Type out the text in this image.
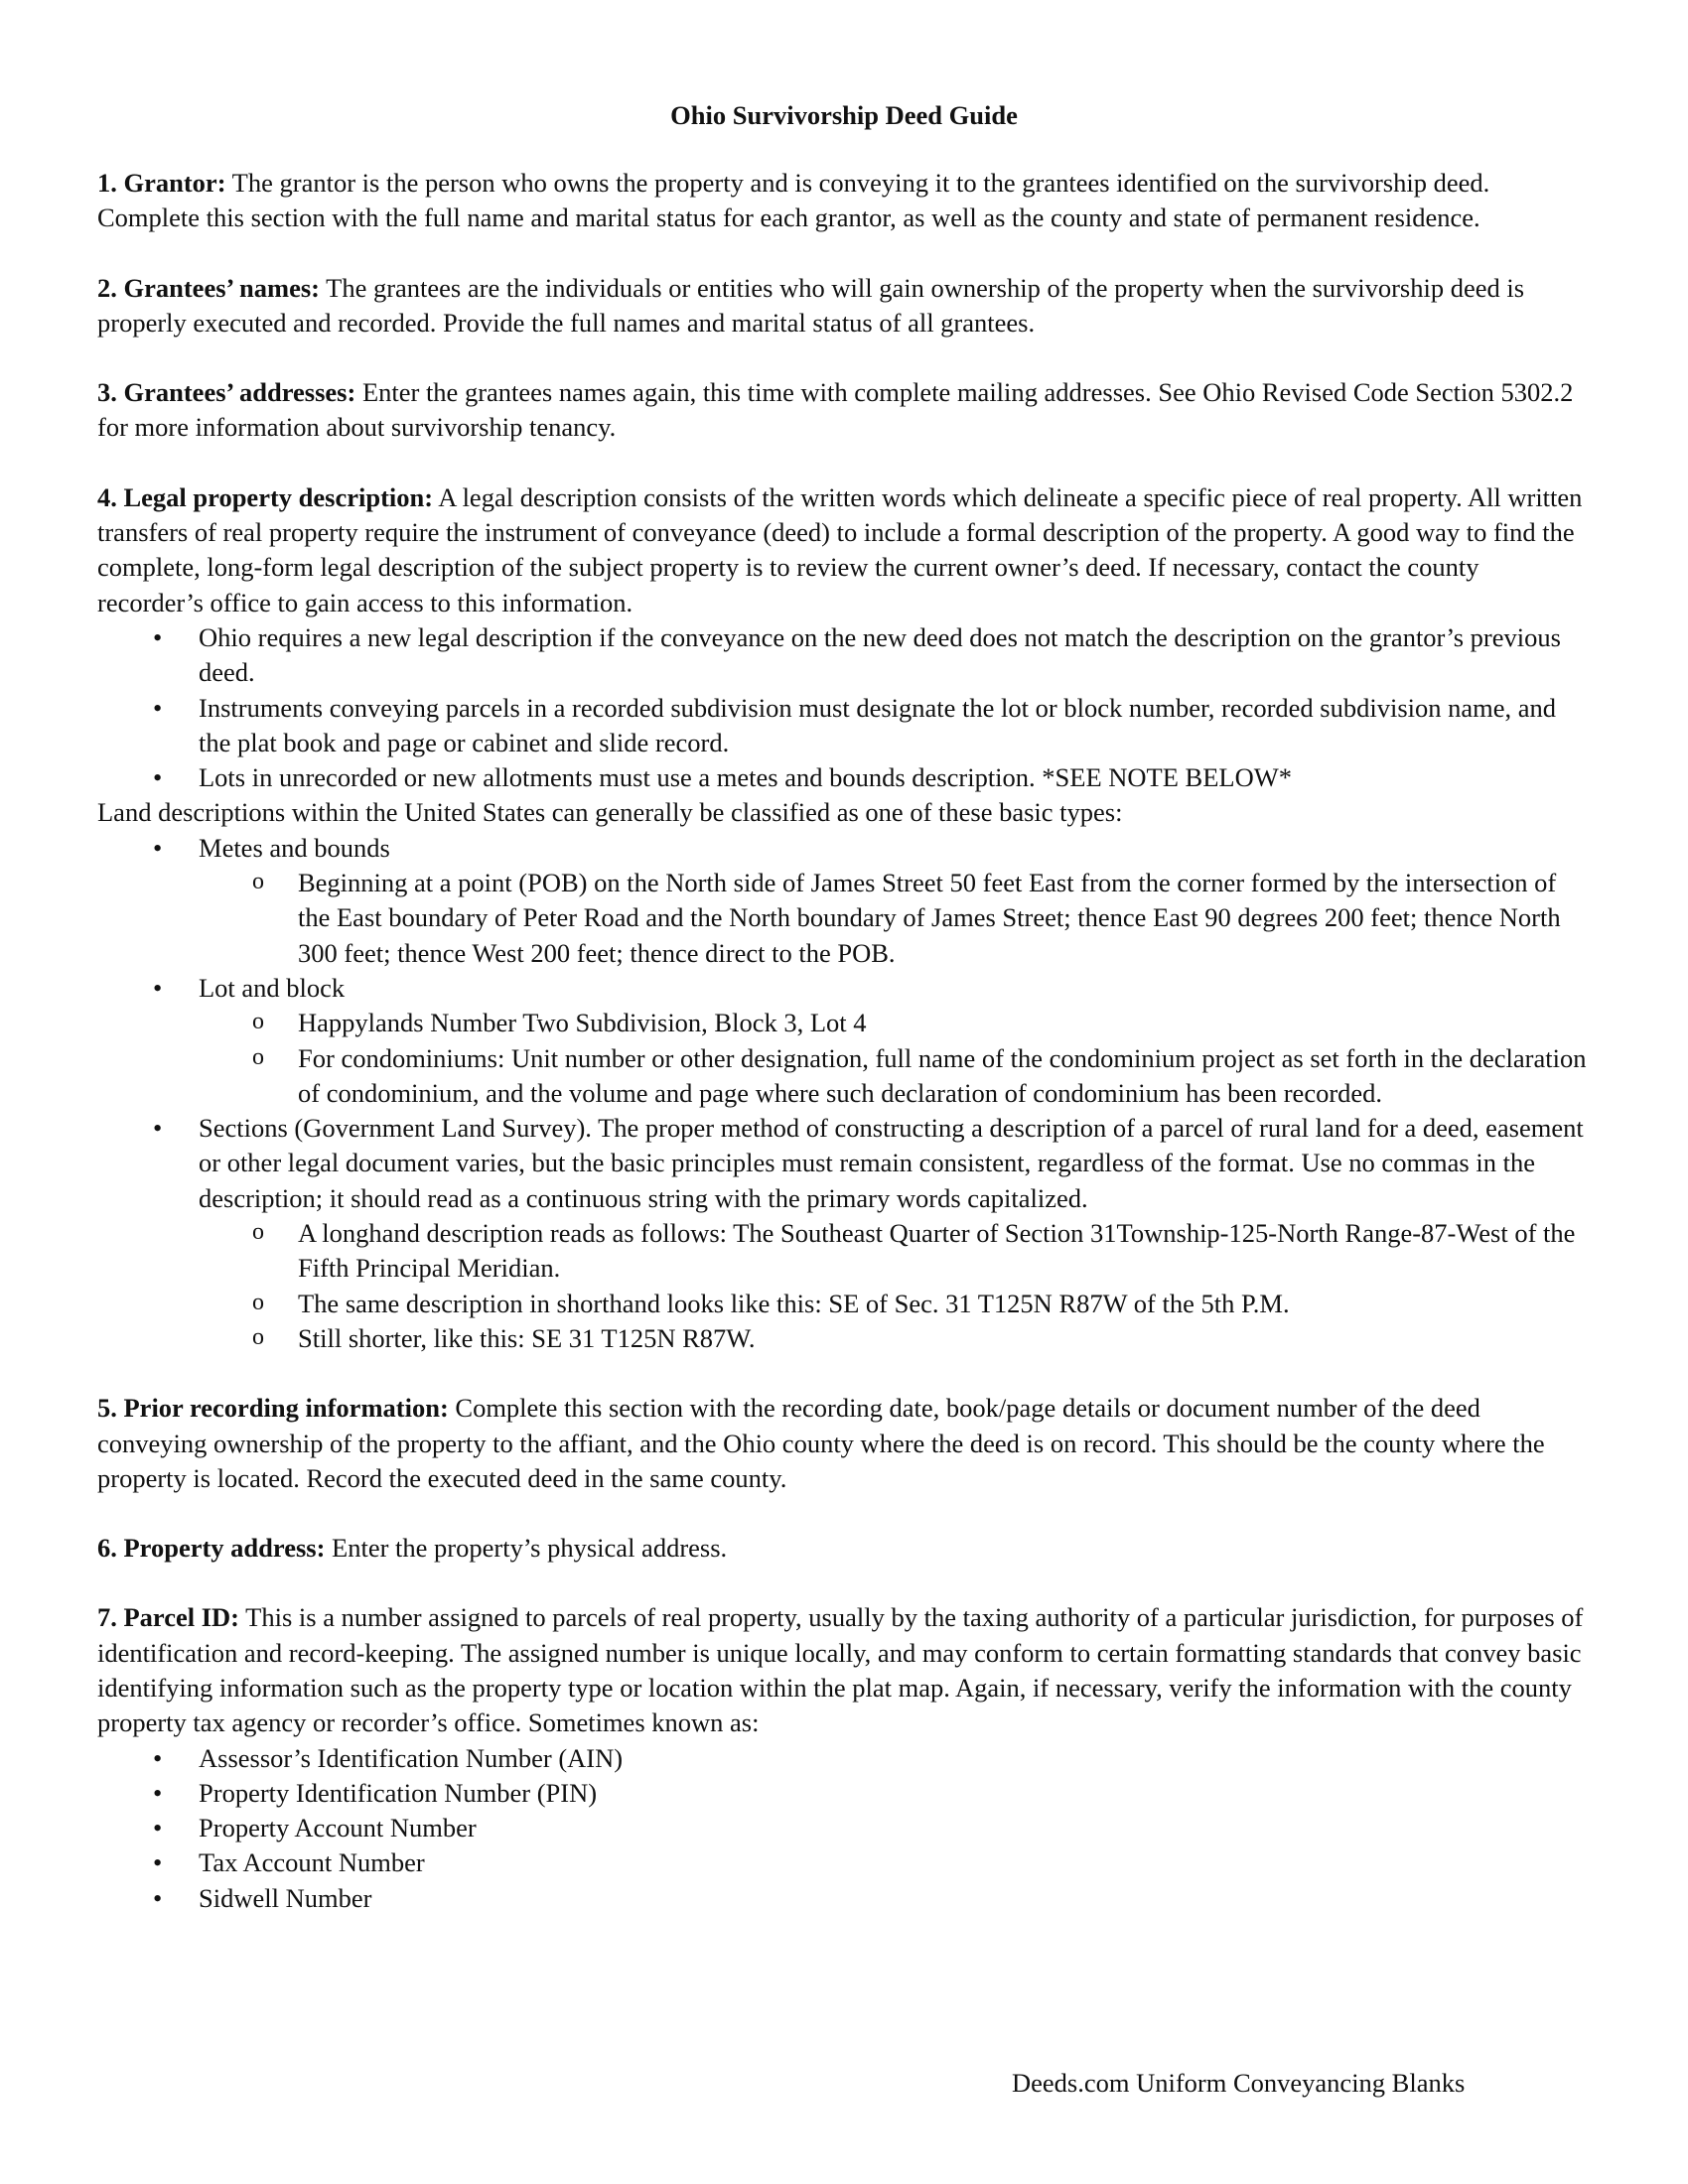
Ohio Survivorship Deed Guide

1. Grantor: The grantor is the person who owns the property and is conveying it to the grantees identified on the survivorship deed. Complete this section with the full name and marital status for each grantor, as well as the county and state of permanent residence.

2. Grantees’ names: The grantees are the individuals or entities who will gain ownership of the property when the survivorship deed is properly executed and recorded. Provide the full names and marital status of all grantees.

3. Grantees’ addresses: Enter the grantees names again, this time with complete mailing addresses. See Ohio Revised Code Section 5302.2 for more information about survivorship tenancy.

4. Legal property description: A legal description consists of the written words which delineate a specific piece of real property. All written transfers of real property require the instrument of conveyance (deed) to include a formal description of the property. A good way to find the complete, long-form legal description of the subject property is to review the current owner’s deed. If necessary, contact the county recorder’s office to gain access to this information.

• Ohio requires a new legal description if the conveyance on the new deed does not match the description on the grantor’s previous deed.
• Instruments conveying parcels in a recorded subdivision must designate the lot or block number, recorded subdivision name, and the plat book and page or cabinet and slide record.
• Lots in unrecorded or new allotments must use a metes and bounds description. *SEE NOTE BELOW*

Land descriptions within the United States can generally be classified as one of these basic types:

• Metes and bounds
o Beginning at a point (POB) on the North side of James Street 50 feet East from the corner formed by the intersection of the East boundary of Peter Road and the North boundary of James Street; thence East 90 degrees 200 feet; thence North 300 feet; thence West 200 feet; thence direct to the POB.
• Lot and block
o Happylands Number Two Subdivision, Block 3, Lot 4
o For condominiums: Unit number or other designation, full name of the condominium project as set forth in the declaration of condominium, and the volume and page where such declaration of condominium has been recorded.
• Sections (Government Land Survey). The proper method of constructing a description of a parcel of rural land for a deed, easement or other legal document varies, but the basic principles must remain consistent, regardless of the format. Use no commas in the description; it should read as a continuous string with the primary words capitalized.
o A longhand description reads as follows: The Southeast Quarter of Section 31Township-125-North Range-87-West of the Fifth Principal Meridian.
o The same description in shorthand looks like this: SE of Sec. 31 T125N R87W of the 5th P.M.
o Still shorter, like this: SE 31 T125N R87W.

5. Prior recording information: Complete this section with the recording date, book/page details or document number of the deed conveying ownership of the property to the affiant, and the Ohio county where the deed is on record. This should be the county where the property is located. Record the executed deed in the same county.

6. Property address: Enter the property’s physical address.

7. Parcel ID: This is a number assigned to parcels of real property, usually by the taxing authority of a particular jurisdiction, for purposes of identification and record-keeping. The assigned number is unique locally, and may conform to certain formatting standards that convey basic identifying information such as the property type or location within the plat map. Again, if necessary, verify the information with the county property tax agency or recorder’s office. Sometimes known as:

• Assessor’s Identification Number (AIN)
• Property Identification Number (PIN)
• Property Account Number
• Tax Account Number
• Sidwell Number
Deeds.com Uniform Conveyancing Blanks
